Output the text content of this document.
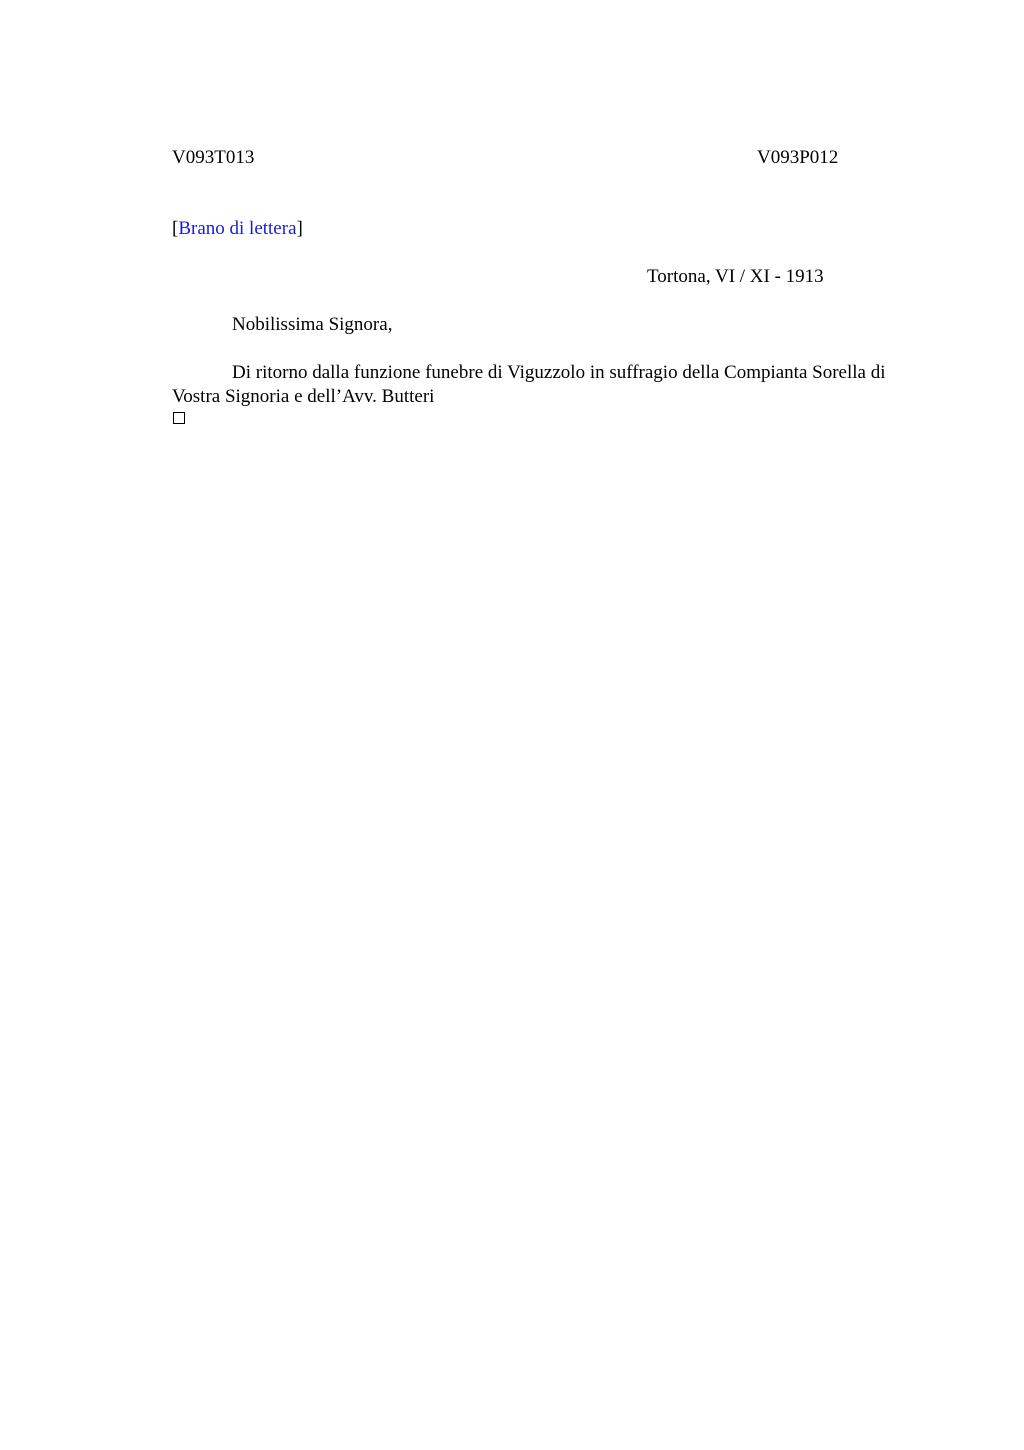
V093T013	V093P012
[Brano di lettera]
Tortona, VI / XI - 1913
Nobilissima Signora,
Di ritorno dalla funzione funebre di Viguzzolo in suffragio della Compianta Sorella di Vostra Signoria e dell’Avv. Butteri
